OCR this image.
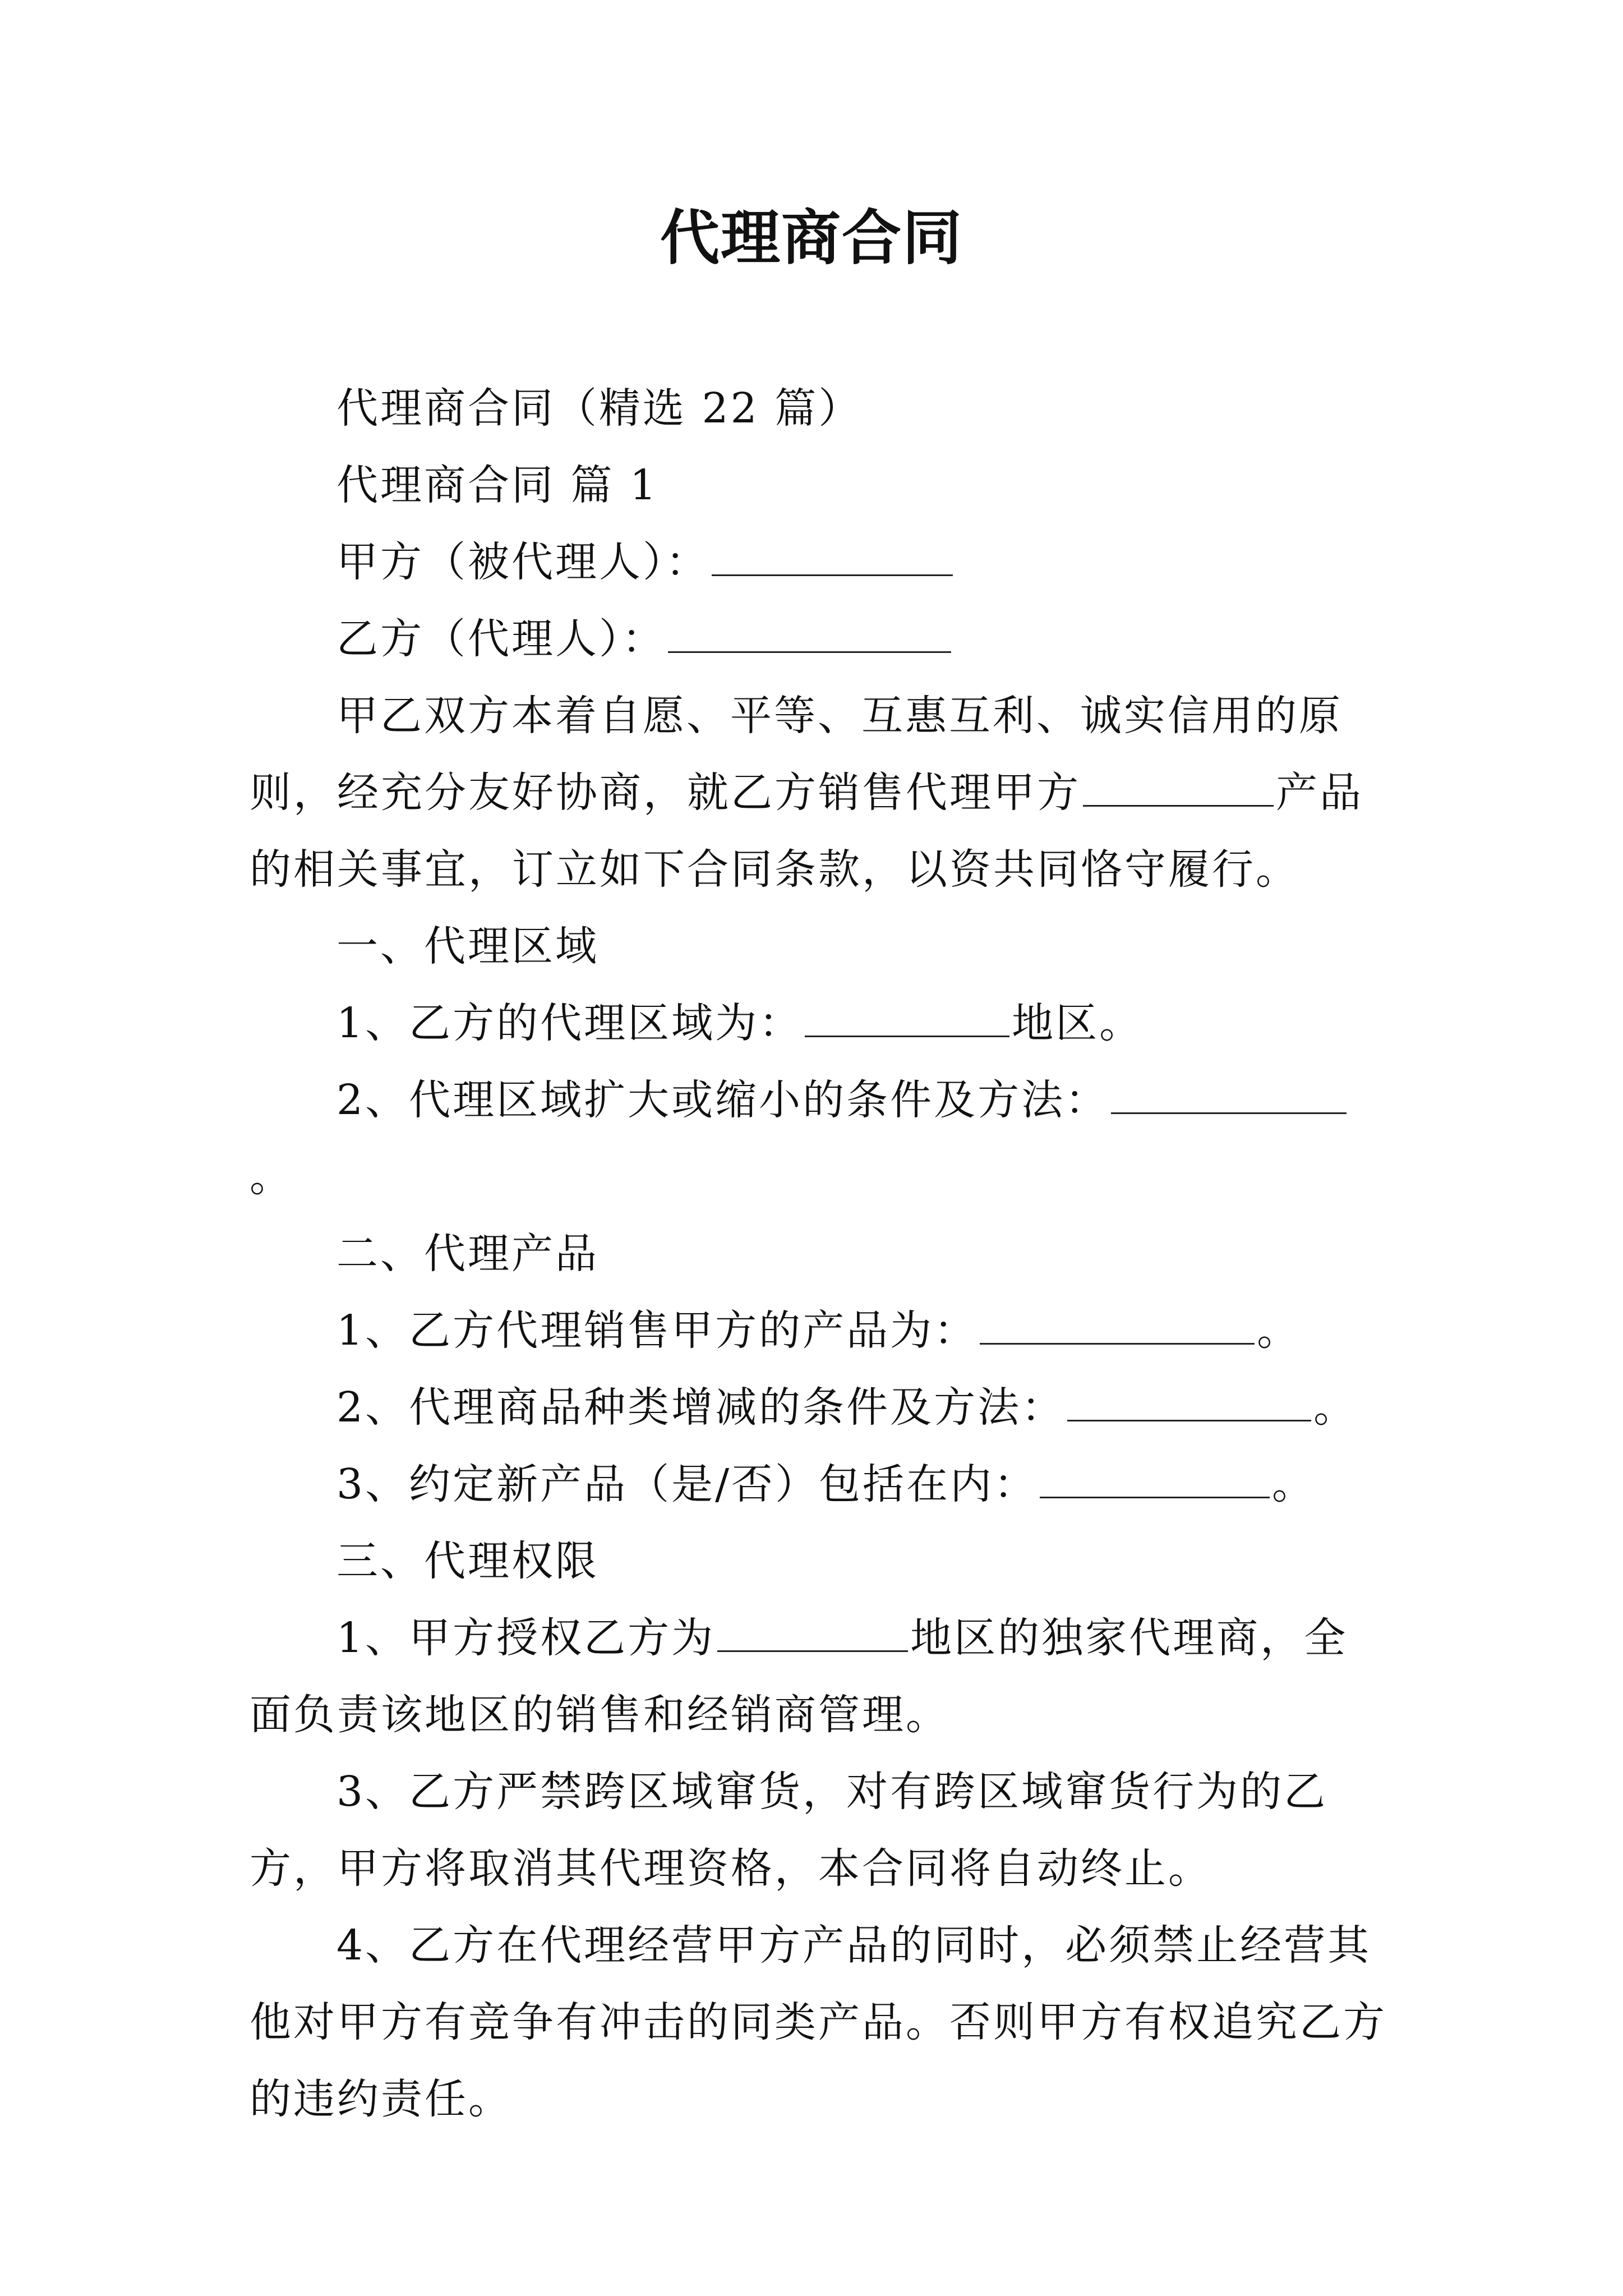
代理商合同

代理商合同（精选 22 篇）

代理商合同 篇 1

甲方（被代理人）：

乙方（代理人）：

甲乙双方本着自愿、平等、互惠互利、诚实信用的原则，经充分友好协商，就乙方销售代理甲方	产品的相关事宜，订立如下合同条款，以资共同恪守履行。

一、代理区域

1、乙方的代理区域为：	地区。

2、代理区域扩大或缩小的条件及方法：。

二、代理产品

1、乙方代理销售甲方的产品为：	。

2、代理商品种类增减的条件及方法：	。

3、约定新产品（是/否）包括在内：	。

三、代理权限

1、甲方授权乙方为	地区的独家代理商，全面负责该地区的销售和经销商管理。

3、乙方严禁跨区域窜货，对有跨区域窜货行为的乙方，甲方将取消其代理资格，本合同将自动终止。

4、乙方在代理经营甲方产品的同时，必须禁止经营其他对甲方有竞争有冲击的同类产品。否则甲方有权追究乙方的违约责任。
